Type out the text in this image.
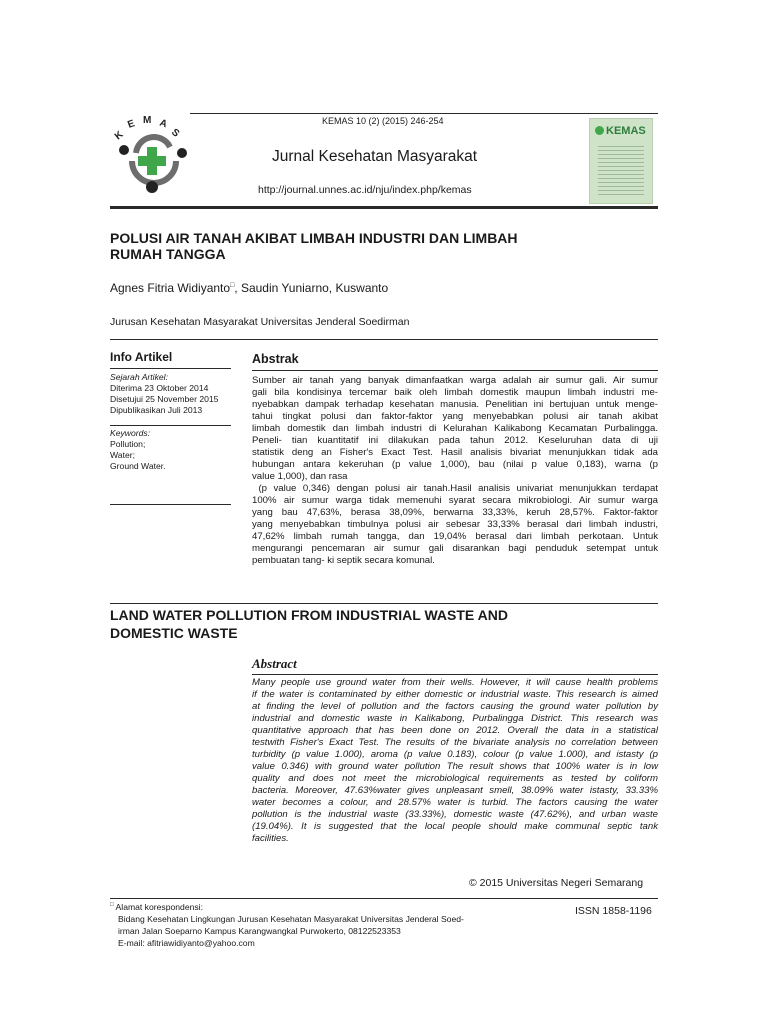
KEMAS 10 (2) (2015) 246-254
K
E M A
S
Jurnal Kesehatan Masyarakat
http://journal.unnes.ac.id/nju/index.php/kemas
KEMAS
POLUSI AIR TANAH AKIBAT LIMBAH INDUSTRI DAN LIMBAH
RUMAH TANGGA
Agnes Fitria Widiyanto□, Saudin Yuniarno, Kuswanto
Jurusan Kesehatan Masyarakat Universitas Jenderal Soedirman
Info Artikel
Sejarah Artikel:
Diterima 23 Oktober 2014
Disetujui 25 November 2015
Dipublikasikan Juli 2013
Keywords:
Pollution;
Water;
Ground Water.
Abstrak
Sumber air tanah yang banyak dimanfaatkan warga adalah air sumur gali. Air sumur
gali bila kondisinya tercemar baik oleh limbah domestik maupun limbah industri me-
nyebabkan dampak terhadap kesehatan manusia. Penelitian ini bertujuan untuk menge-
tahui tingkat polusi dan faktor-faktor yang menyebabkan polusi air tanah akibat
limbah domestik dan limbah industri di Kelurahan Kalikabong Kecamatan Purbalingga.
Peneli- tian kuantitatif ini dilakukan pada tahun 2012. Keseluruhan data di uji
statistik deng an Fisher's Exact Test. Hasil analisis bivariat menunjukkan tidak ada
hubungan antara kekeruhan (p value 1,000), bau (nilai p value 0,183), warna (p
value 1,000), dan rasa
(p value 0,346) dengan polusi air tanah.Hasil analisis univariat menunjukkan terdapat
100% air sumur warga tidak memenuhi syarat secara mikrobiologi. Air sumur warga
yang bau 47,63%, berasa 38,09%, berwarna 33,33%, keruh 28,57%. Faktor-faktor
yang menyebabkan timbulnya polusi air sebesar 33,33% berasal dari limbah industri,
47,62% limbah rumah tangga, dan 19,04% berasal dari limbah perkotaan. Untuk
mengurangi pencemaran air sumur gali disarankan bagi penduduk setempat untuk
pembuatan tang- ki septik secara komunal.
LAND WATER POLLUTION FROM INDUSTRIAL WASTE AND
DOMESTIC WASTE
Abstract
Many people use ground water from their wells. However, it will cause health problems
if the water is contaminated by either domestic or industrial waste. This research is aimed
at finding the level of pollution and the factors causing the ground water pollution by
industrial and domestic waste in Kalikabong, Purbalingga District. This research was
quantitative approach that has been done on 2012. Overall the data in a statistical
testwith Fisher's Exact Test. The results of the bivariate analysis no correlation between
turbidity (p value 1.000), aroma (p value 0.183), colour (p value 1.000), and istasty (p
value 0.346) with ground water pollution The result shows that 100% water is in low
quality and does not meet the microbiological requirements as tested by coliform
bacteria. Moreover, 47.63%water gives unpleasant smell, 38.09% water istasty, 33.33%
water becomes a colour, and 28.57% water is turbid. The factors causing the water
pollution is the industrial waste (33.33%), domestic waste (47.62%), and urban waste
(19.04%). It is suggested that the local people should make communal septic tank
facilities.
© 2015 Universitas Negeri Semarang
ISSN 1858-1196
□ Alamat korespondensi:
Bidang Kesehatan Lingkungan Jurusan Kesehatan Masyarakat Universitas Jenderal Soed-
irman Jalan Soeparno Kampus Karangwangkal Purwokerto, 08122523353
E-mail: afitriawidiyanto@yahoo.com
